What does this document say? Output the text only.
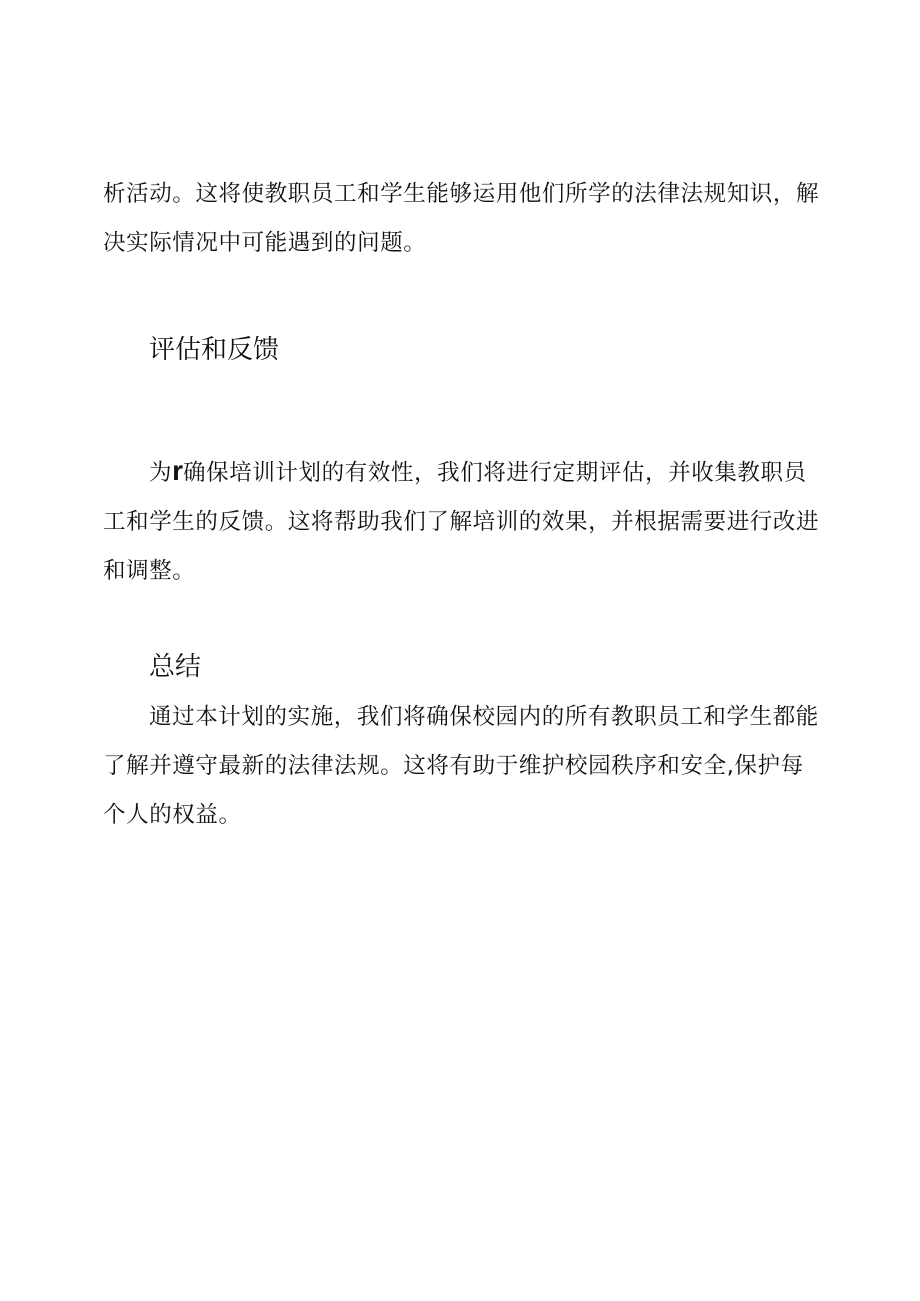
析活动。这将使教职员工和学生能够运用他们所学的法律法规知识，解
决实际情况中可能遇到的问题。
评估和反馈
为r确保培训计划的有效性，我们将进行定期评估，并收集教职员
工和学生的反馈。这将帮助我们了解培训的效果，并根据需要进行改进
和调整。
总结
通过本计划的实施，我们将确保校园内的所有教职员工和学生都能
了解并遵守最新的法律法规。这将有助于维护校园秩序和安全,保护每
个人的权益。
